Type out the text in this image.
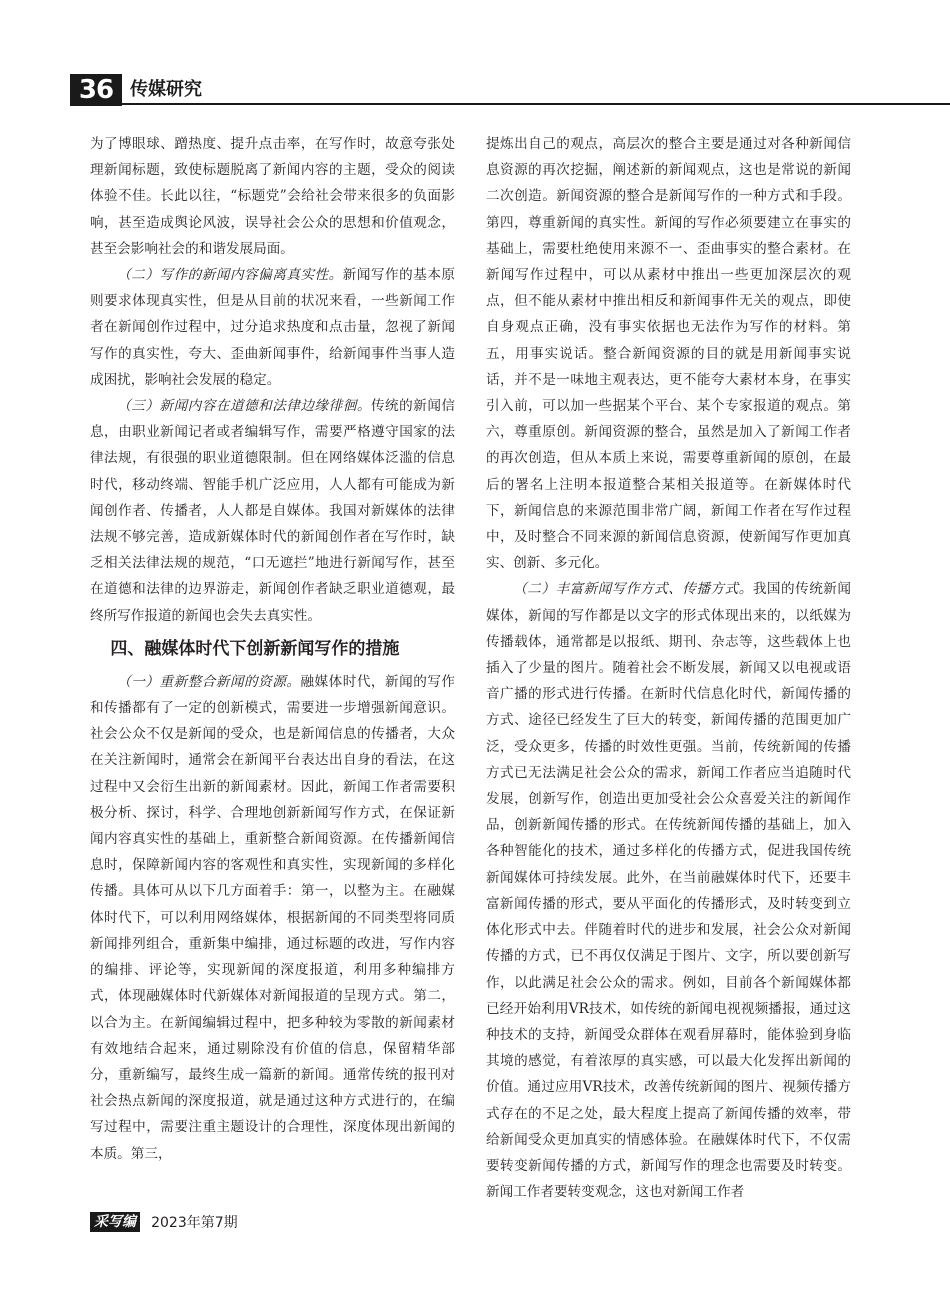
36 传媒研究

为了博眼球、蹭热度、提升点击率，在写作时，故意夸张处理新闻标题，致使标题脱离了新闻内容的主题，受众的阅读体验不佳。长此以往，“标题党”会给社会带来很多的负面影响，甚至造成舆论风波，误导社会公众的思想和价值观念，甚至会影响社会的和谐发展局面。

（二）写作的新闻内容偏离真实性。新闻写作的基本原则要求体现真实性，但是从目前的状况来看，一些新闻工作者在新闻创作过程中，过分追求热度和点击量，忽视了新闻写作的真实性，夸大、歪曲新闻事件，给新闻事件当事人造成困扰，影响社会发展的稳定。

（三）新闻内容在道德和法律边缘徘徊。传统的新闻信息，由职业新闻记者或者编辑写作，需要严格遵守国家的法律法规，有很强的职业道德限制。但在网络媒体泛滥的信息时代，移动终端、智能手机广泛应用，人人都有可能成为新闻创作者、传播者，人人都是自媒体。我国对新媒体的法律法规不够完善，造成新媒体时代的新闻创作者在写作时，缺乏相关法律法规的规范，“口无遮拦”地进行新闻写作，甚至在道德和法律的边界游走，新闻创作者缺乏职业道德观，最终所写作报道的新闻也会失去真实性。

四、融媒体时代下创新新闻写作的措施

（一）重新整合新闻的资源。融媒体时代，新闻的写作和传播都有了一定的创新模式，需要进一步增强新闻意识。社会公众不仅是新闻的受众，也是新闻信息的传播者，大众在关注新闻时，通常会在新闻平台表达出自身的看法，在这过程中又会衍生出新的新闻素材。因此，新闻工作者需要积极分析、探讨，科学、合理地创新新闻写作方式，在保证新闻内容真实性的基础上，重新整合新闻资源。在传播新闻信息时，保障新闻内容的客观性和真实性，实现新闻的多样化传播。具体可从以下几方面着手：第一，以整为主。在融媒体时代下，可以利用网络媒体，根据新闻的不同类型将同质新闻排列组合，重新集中编排，通过标题的改进，写作内容的编排、评论等，实现新闻的深度报道，利用多种编排方式，体现融媒体时代新媒体对新闻报道的呈现方式。第二，以合为主。在新闻编辑过程中，把多种较为零散的新闻素材有效地结合起来，通过剔除没有价值的信息，保留精华部分，重新编写，最终生成一篇新的新闻。通常传统的报刊对社会热点新闻的深度报道，就是通过这种方式进行的，在编写过程中，需要注重主题设计的合理性，深度体现出新闻的本质。第三，

提炼出自己的观点，高层次的整合主要是通过对各种新闻信息资源的再次挖掘，阐述新的新闻观点，这也是常说的新闻二次创造。新闻资源的整合是新闻写作的一种方式和手段。第四，尊重新闻的真实性。新闻的写作必须要建立在事实的基础上，需要杜绝使用来源不一、歪曲事实的整合素材。在新闻写作过程中，可以从素材中推出一些更加深层次的观点，但不能从素材中推出相反和新闻事件无关的观点，即使自身观点正确，没有事实依据也无法作为写作的材料。第五，用事实说话。整合新闻资源的目的就是用新闻事实说话，并不是一味地主观表达，更不能夸大素材本身，在事实引入前，可以加一些据某个平台、某个专家报道的观点。第六，尊重原创。新闻资源的整合，虽然是加入了新闻工作者的再次创造，但从本质上来说，需要尊重新闻的原创，在最后的署名上注明本报道整合某相关报道等。在新媒体时代下，新闻信息的来源范围非常广阔，新闻工作者在写作过程中，及时整合不同来源的新闻信息资源，使新闻写作更加真实、创新、多元化。

（二）丰富新闻写作方式、传播方式。我国的传统新闻媒体，新闻的写作都是以文字的形式体现出来的，以纸媒为传播载体，通常都是以报纸、期刊、杂志等，这些载体上也插入了少量的图片。随着社会不断发展，新闻又以电视或语音广播的形式进行传播。在新时代信息化时代，新闻传播的方式、途径已经发生了巨大的转变，新闻传播的范围更加广泛，受众更多，传播的时效性更强。当前，传统新闻的传播方式已无法满足社会公众的需求，新闻工作者应当追随时代发展，创新写作，创造出更加受社会公众喜爱关注的新闻作品，创新新闻传播的形式。在传统新闻传播的基础上，加入各种智能化的技术，通过多样化的传播方式，促进我国传统新闻媒体可持续发展。此外，在当前融媒体时代下，还要丰富新闻传播的形式，要从平面化的传播形式，及时转变到立体化形式中去。伴随着时代的进步和发展，社会公众对新闻传播的方式，已不再仅仅满足于图片、文字，所以要创新写作，以此满足社会公众的需求。例如，目前各个新闻媒体都已经开始利用VR技术，如传统的新闻电视视频播报，通过这种技术的支持，新闻受众群体在观看屏幕时，能体验到身临其境的感觉，有着浓厚的真实感，可以最大化发挥出新闻的价值。通过应用VR技术，改善传统新闻的图片、视频传播方式存在的不足之处，最大程度上提高了新闻传播的效率，带给新闻受众更加真实的情感体验。在融媒体时代下，不仅需要转变新闻传播的方式，新闻写作的理念也需要及时转变。新闻工作者要转变观念，这也对新闻工作者

采写编 2023年第7期
